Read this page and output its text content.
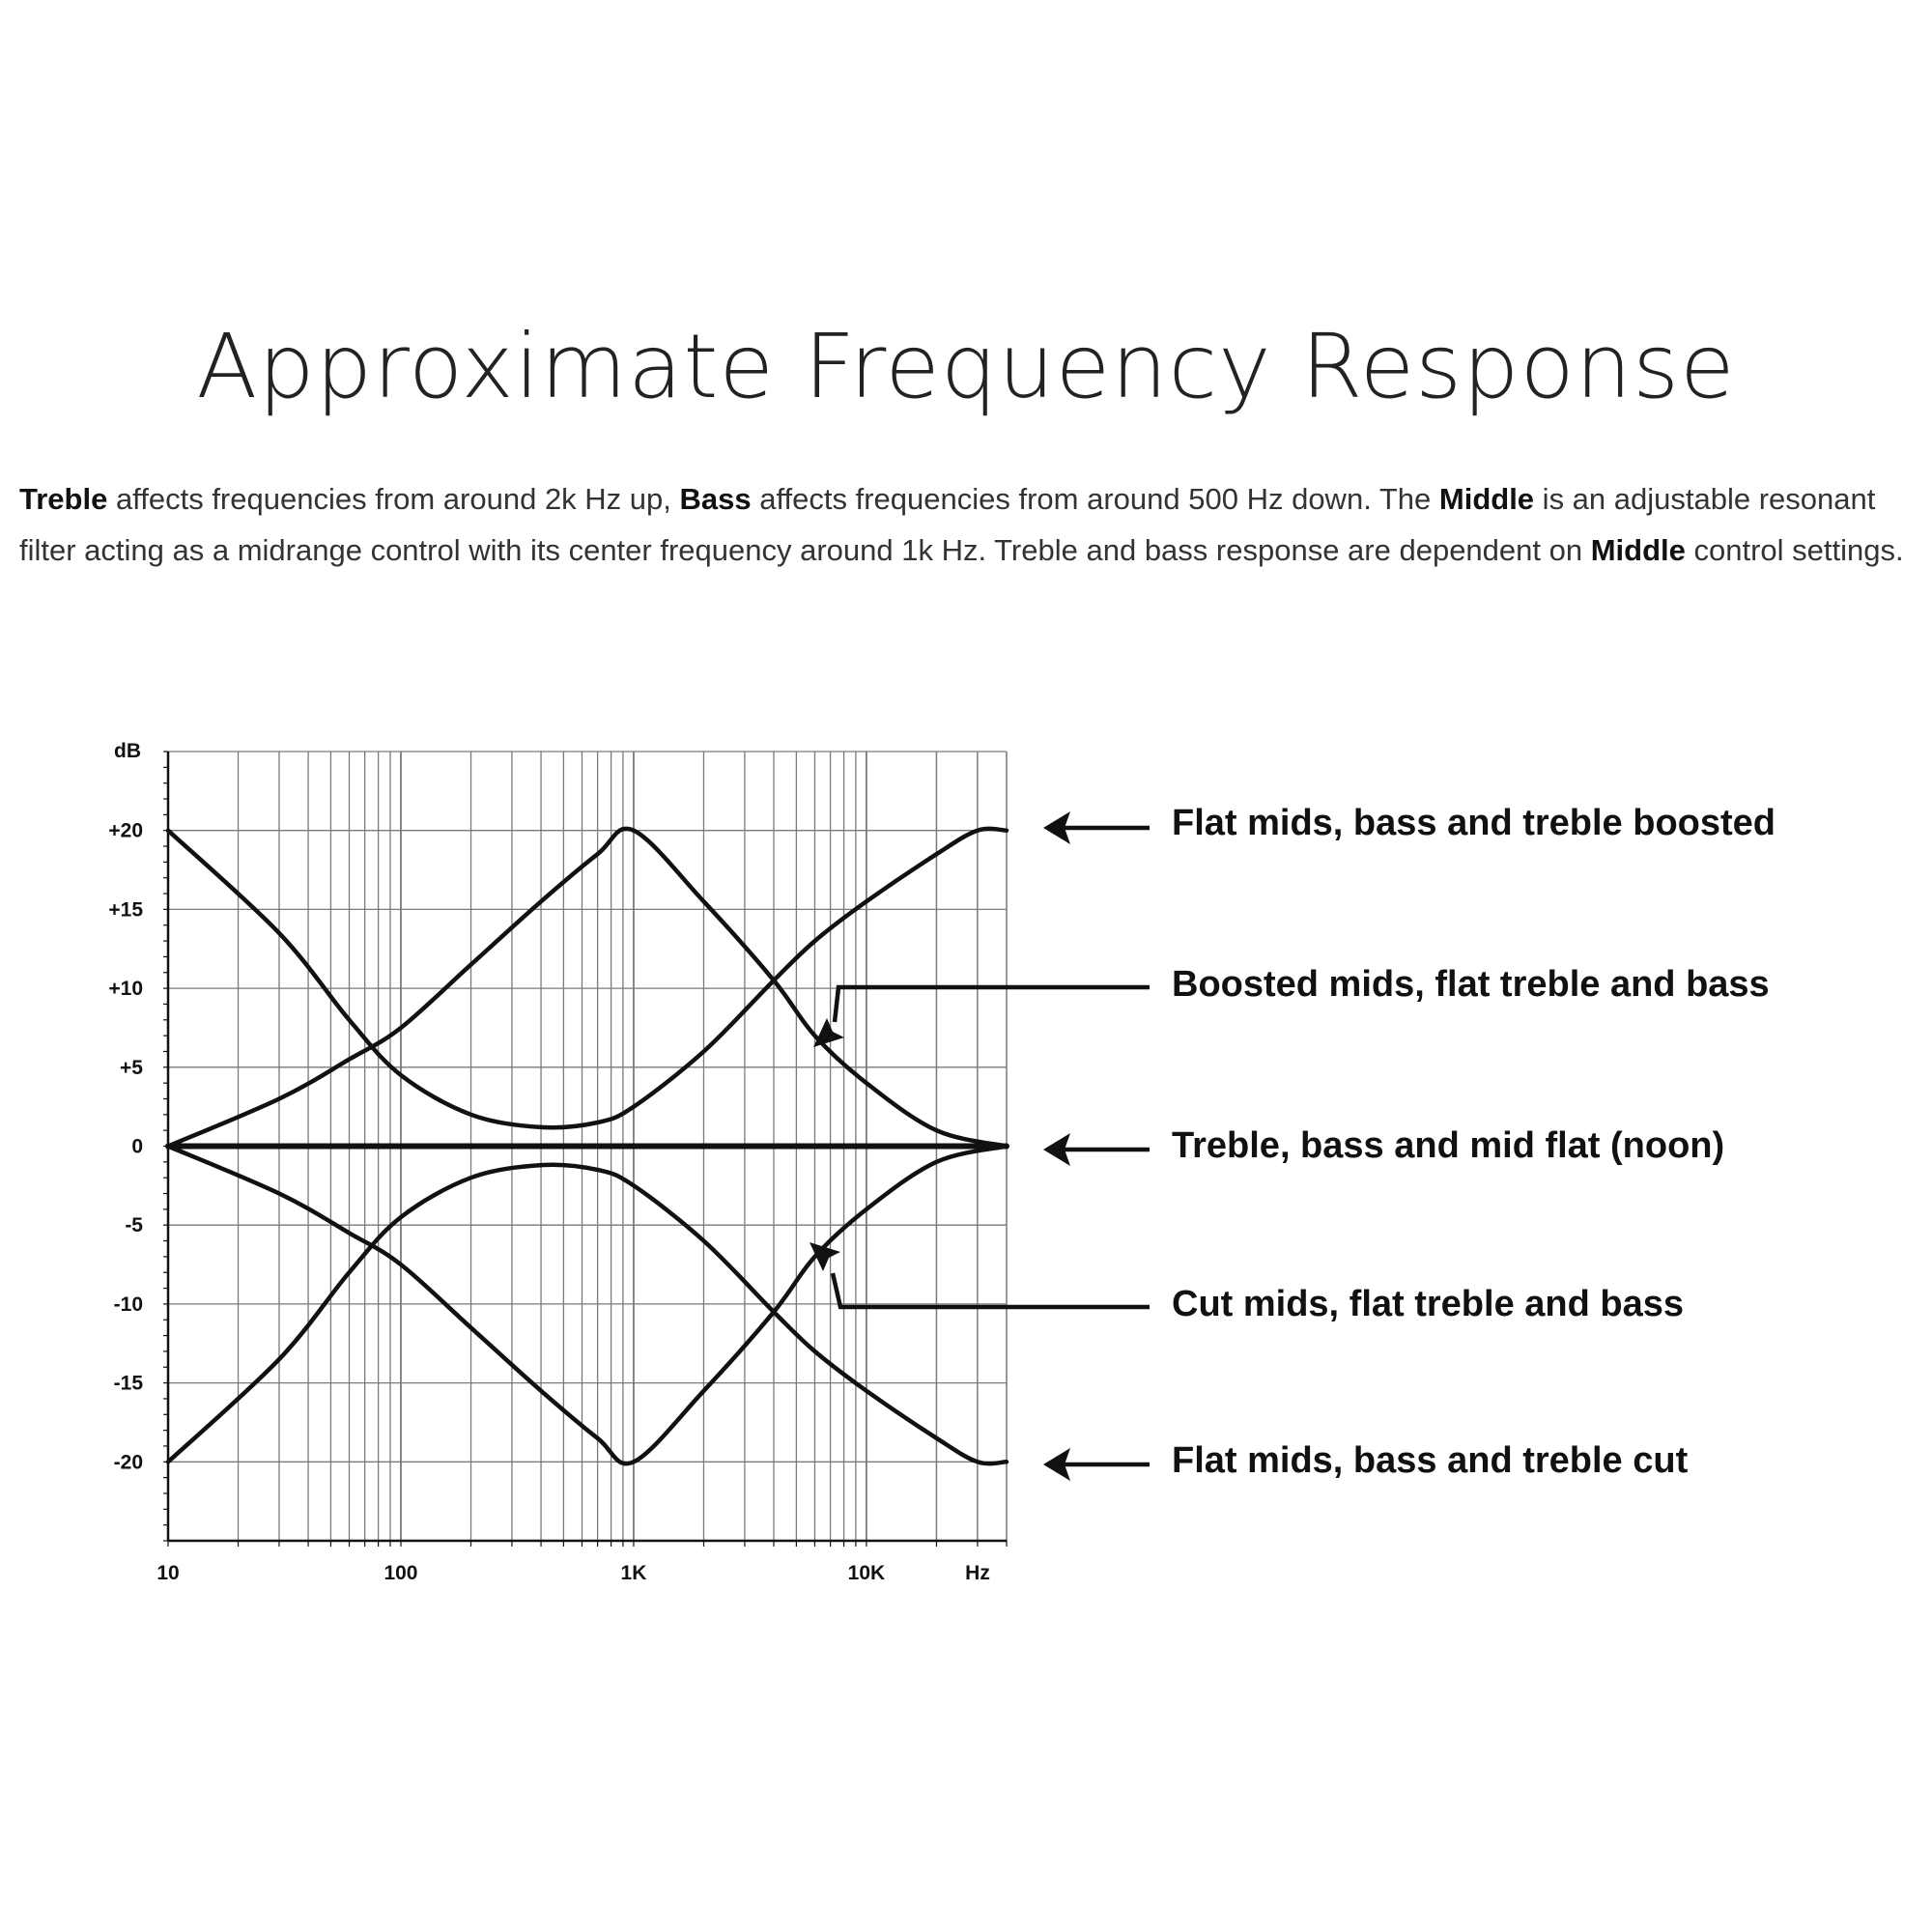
Approximate Frequency Response

Treble affects frequencies from around 2k Hz up, Bass affects frequencies from around 500 Hz down. The Middle is an adjustable resonant filter acting as a midrange control with its center frequency around 1k Hz. Treble and bass response are dependent on Middle control settings.

+20
+15
+10
+5
0
-5
-10
-15
-20
dB
10	100	1K	10K	Hz
Flat mids, bass and treble boosted
Boosted mids, flat treble and bass
Treble, bass and mid flat (noon)
Cut mids, flat treble and bass
Flat mids, bass and treble cut
